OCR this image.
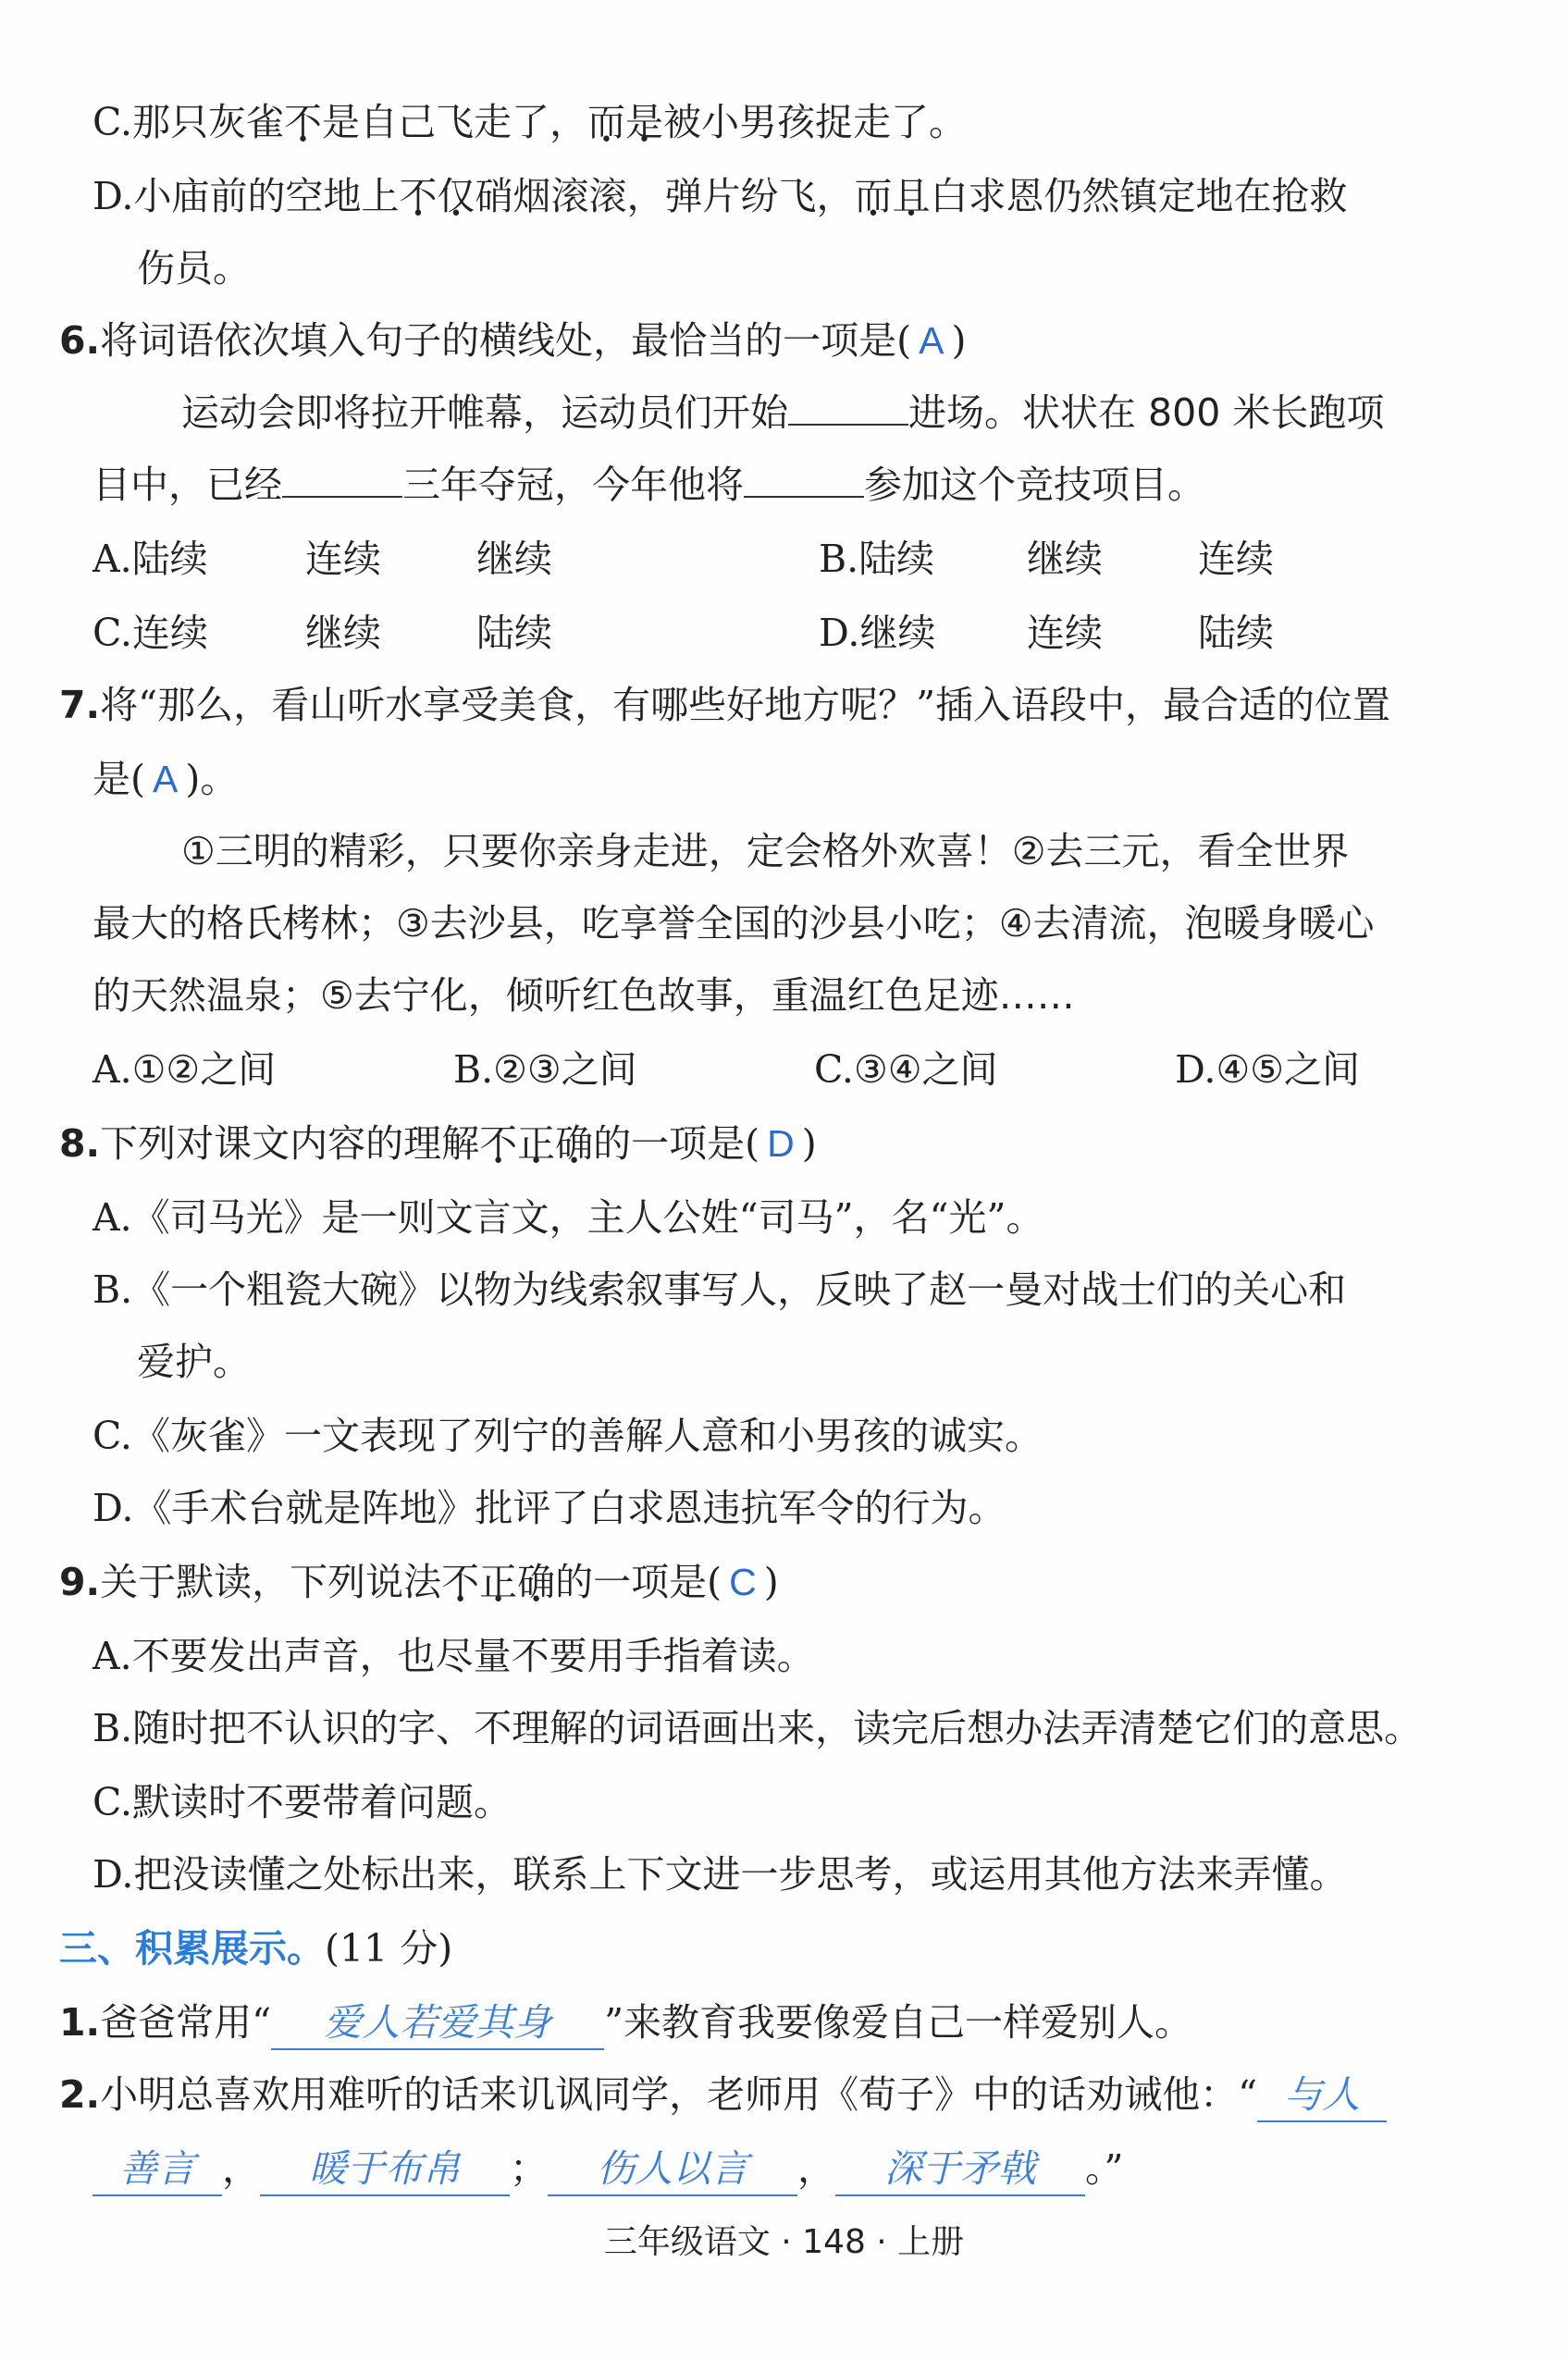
C.那只灰雀不是自己飞走了，而是被小男孩捉走了。
D.小庙前的空地上不仅硝烟滚滚，弹片纷飞，而且白求恩仍然镇定地在抢救
伤员。
6.将词语依次填入句子的横线处，最恰当的一项是( A )
运动会即将拉开帷幕，运动员们开始	进场。状状在 800 米长跑项
目中，已经	三年夺冠，今年他将	参加这个竞技项目。
A.陆续	连续	继续	B.陆续 继续	连续
C.连续	继续	陆续	D.继续 连续	陆续
7.将“那么，看山听水享受美食，有哪些好地方呢？”插入语段中，最合适的位置
是( A )。
①三明的精彩，只要你亲身走进，定会格外欢喜！②去三元，看全世界
最大的格氏栲林；③去沙县，吃享誉全国的沙县小吃；④去清流，泡暖身暖心
的天然温泉；⑤去宁化，倾听红色故事，重温红色足迹……
A.①②之间	B.②③之间	C.③④之间	D.④⑤之间
8.下列对课文内容的理解不正确的一项是( D )
A.《司马光》是一则文言文，主人公姓“司马”，名“光”。
B.《一个粗瓷大碗》以物为线索叙事写人，反映了赵一曼对战士们的关心和
爱护。
C.《灰雀》一文表现了列宁的善解人意和小男孩的诚实。
D.《手术台就是阵地》批评了白求恩违抗军令的行为。
9.关于默读，下列说法不正确的一项是( C )
A.不要发出声音，也尽量不要用手指着读。
B.随时把不认识的字、不理解的词语画出来，读完后想办法弄清楚它们的意思。
C.默读时不要带着问题。
D.把没读懂之处标出来，联系上下文进一步思考，或运用其他方法来弄懂。
三、积累展示。(11 分)
1.爸爸常用“ 爱人若爱其身 ”来教育我要像爱自己一样爱别人。
2.小明总喜欢用难听的话来讥讽同学，老师用《荀子》中的话劝诫他：“ 与人
善言 ， 暖于布帛 ； 伤人以言 ， 深于矛戟 。”
三年级语文 · 148 · 上册
